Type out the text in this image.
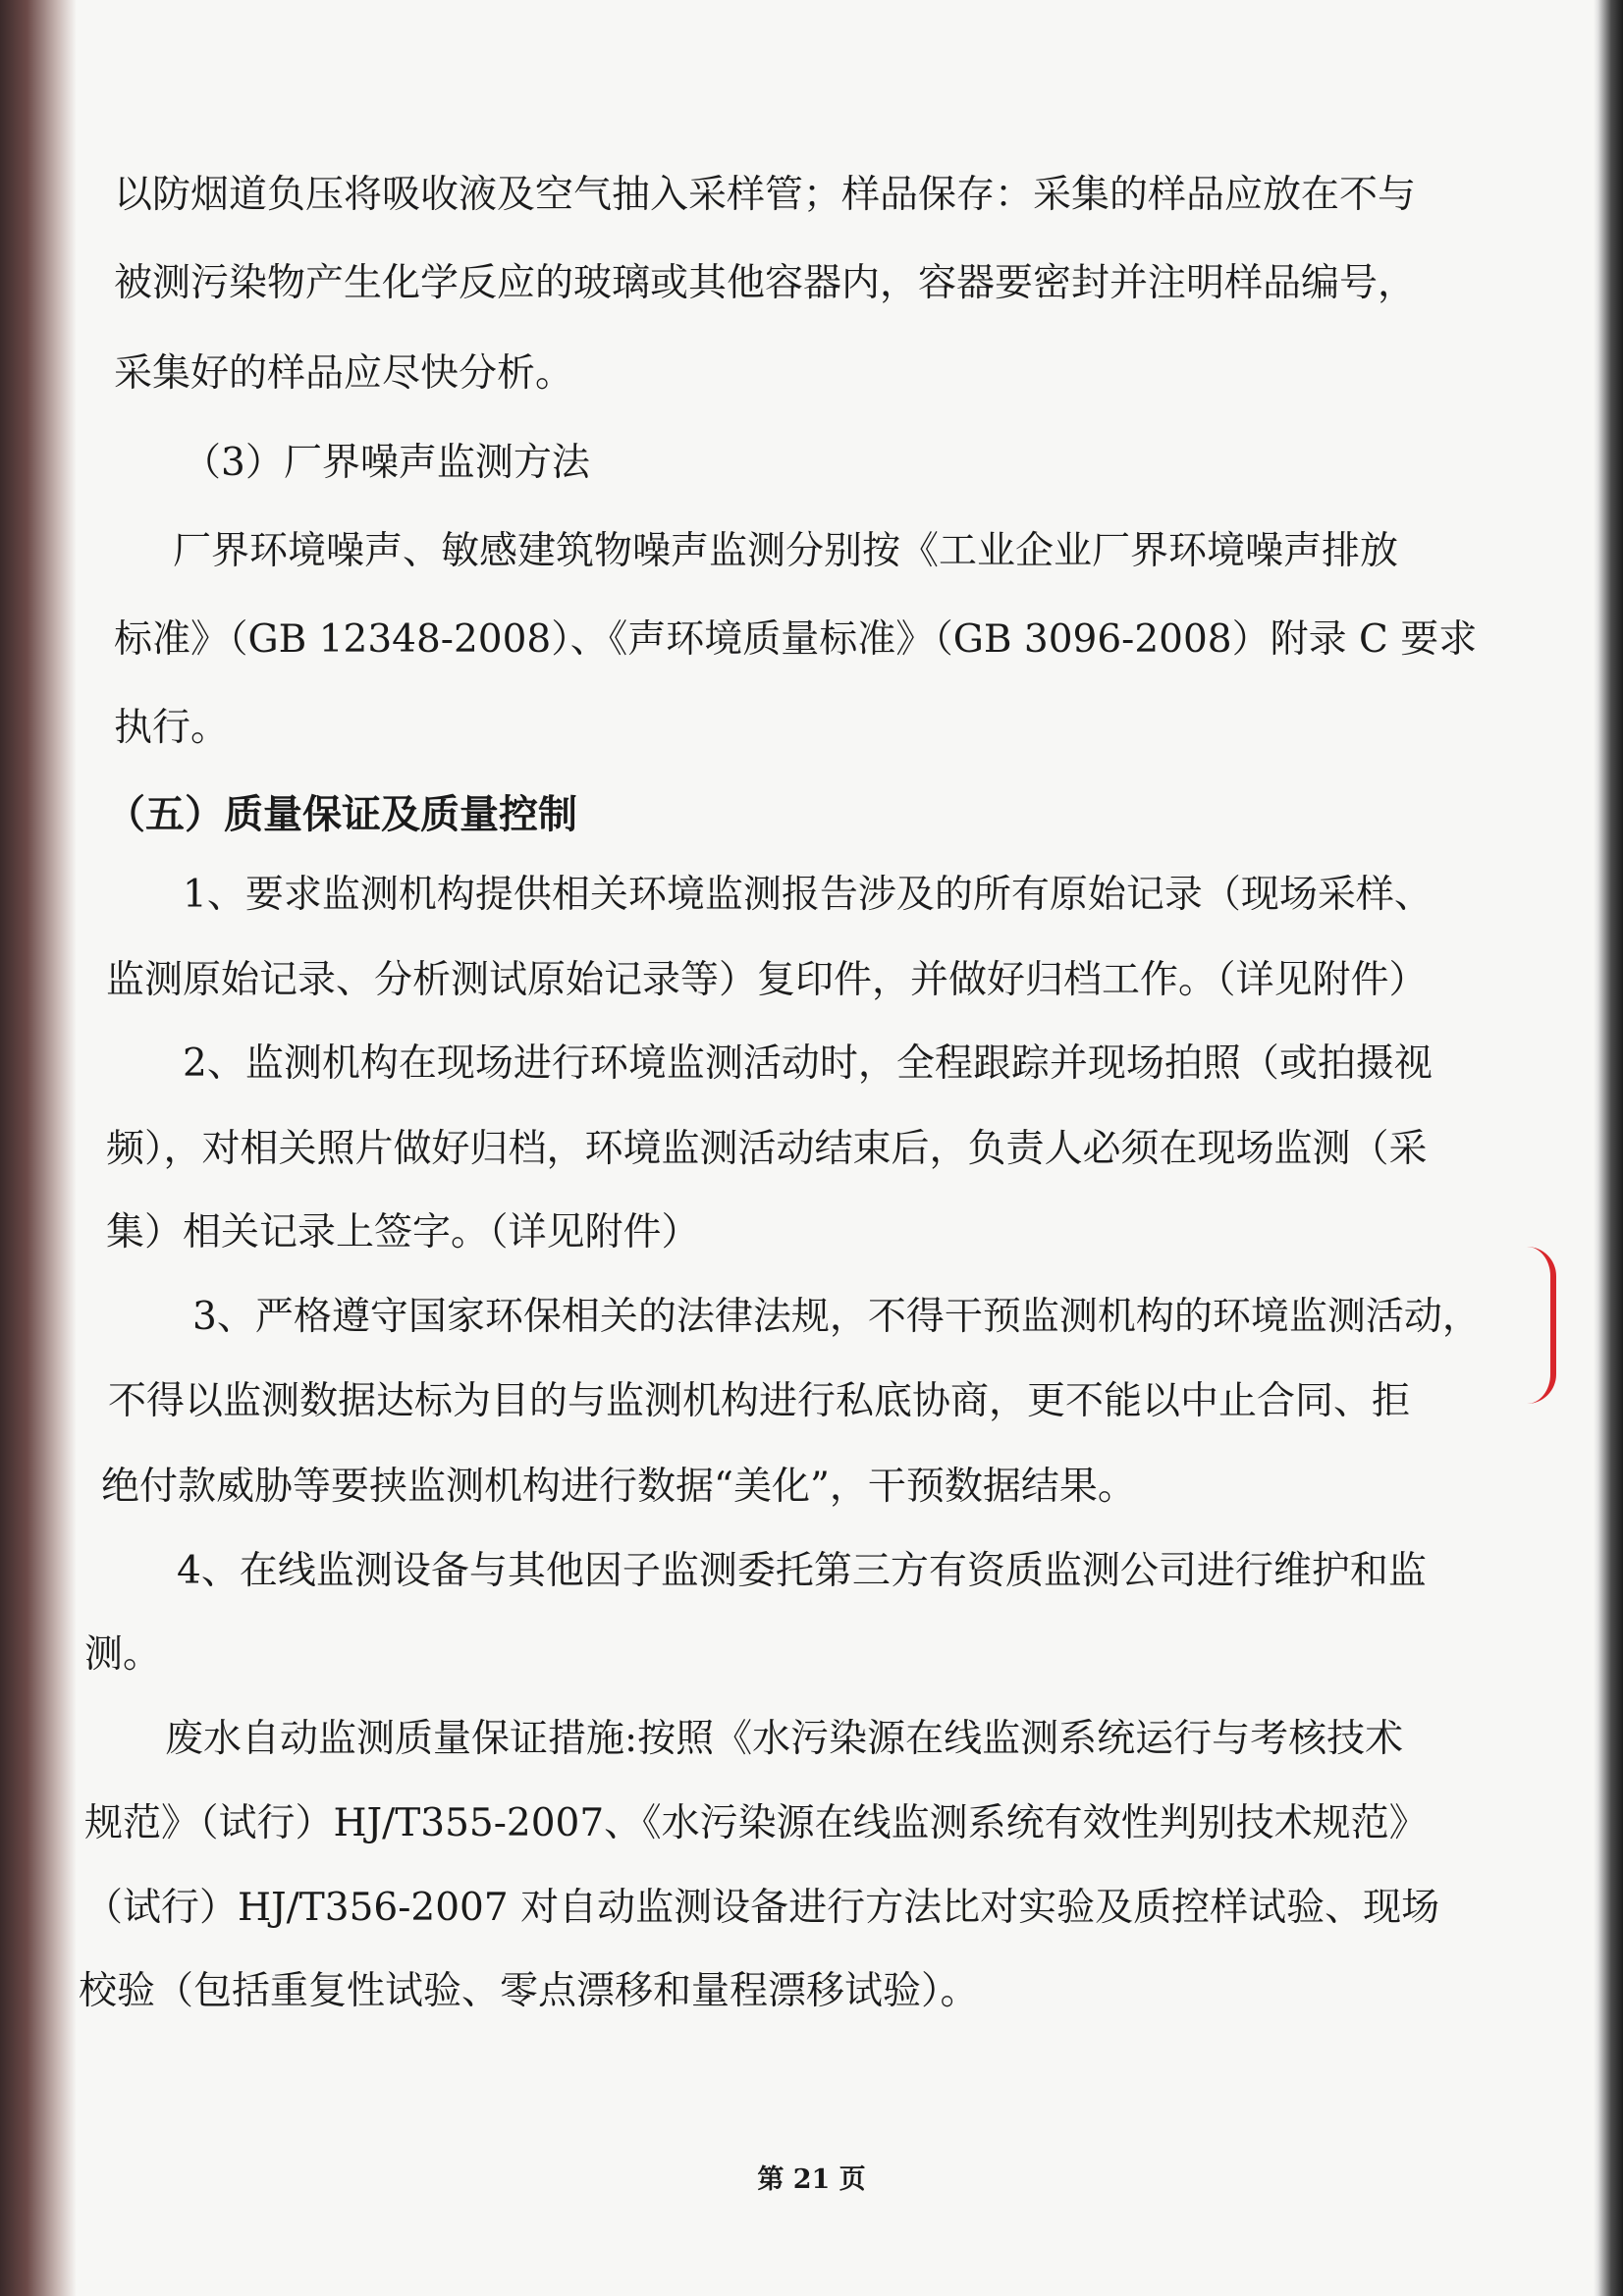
以防烟道负压将吸收液及空气抽入采样管；样品保存：采集的样品应放在不与
被测污染物产生化学反应的玻璃或其他容器内，容器要密封并注明样品编号，
采集好的样品应尽快分析。
（3）厂界噪声监测方法
厂界环境噪声、敏感建筑物噪声监测分别按《工业企业厂界环境噪声排放
标准》（GB 12348-2008）、《声环境质量标准》（GB 3096-2008）附录 C 要求
执行。
（五）质量保证及质量控制
1、要求监测机构提供相关环境监测报告涉及的所有原始记录（现场采样、
监测原始记录、分析测试原始记录等）复印件，并做好归档工作。（详见附件）
2、监测机构在现场进行环境监测活动时，全程跟踪并现场拍照（或拍摄视
频），对相关照片做好归档，环境监测活动结束后，负责人必须在现场监测（采
集）相关记录上签字。（详见附件）
3、严格遵守国家环保相关的法律法规，不得干预监测机构的环境监测活动，
不得以监测数据达标为目的与监测机构进行私底协商，更不能以中止合同、拒
绝付款威胁等要挟监测机构进行数据“美化”，干预数据结果。
4、在线监测设备与其他因子监测委托第三方有资质监测公司进行维护和监
测。
废水自动监测质量保证措施:按照《水污染源在线监测系统运行与考核技术
规范》（试行）HJ/T355-2007、《水污染源在线监测系统有效性判别技术规范》
（试行）HJ/T356-2007 对自动监测设备进行方法比对实验及质控样试验、现场
校验（包括重复性试验、零点漂移和量程漂移试验）。
第 21 页
